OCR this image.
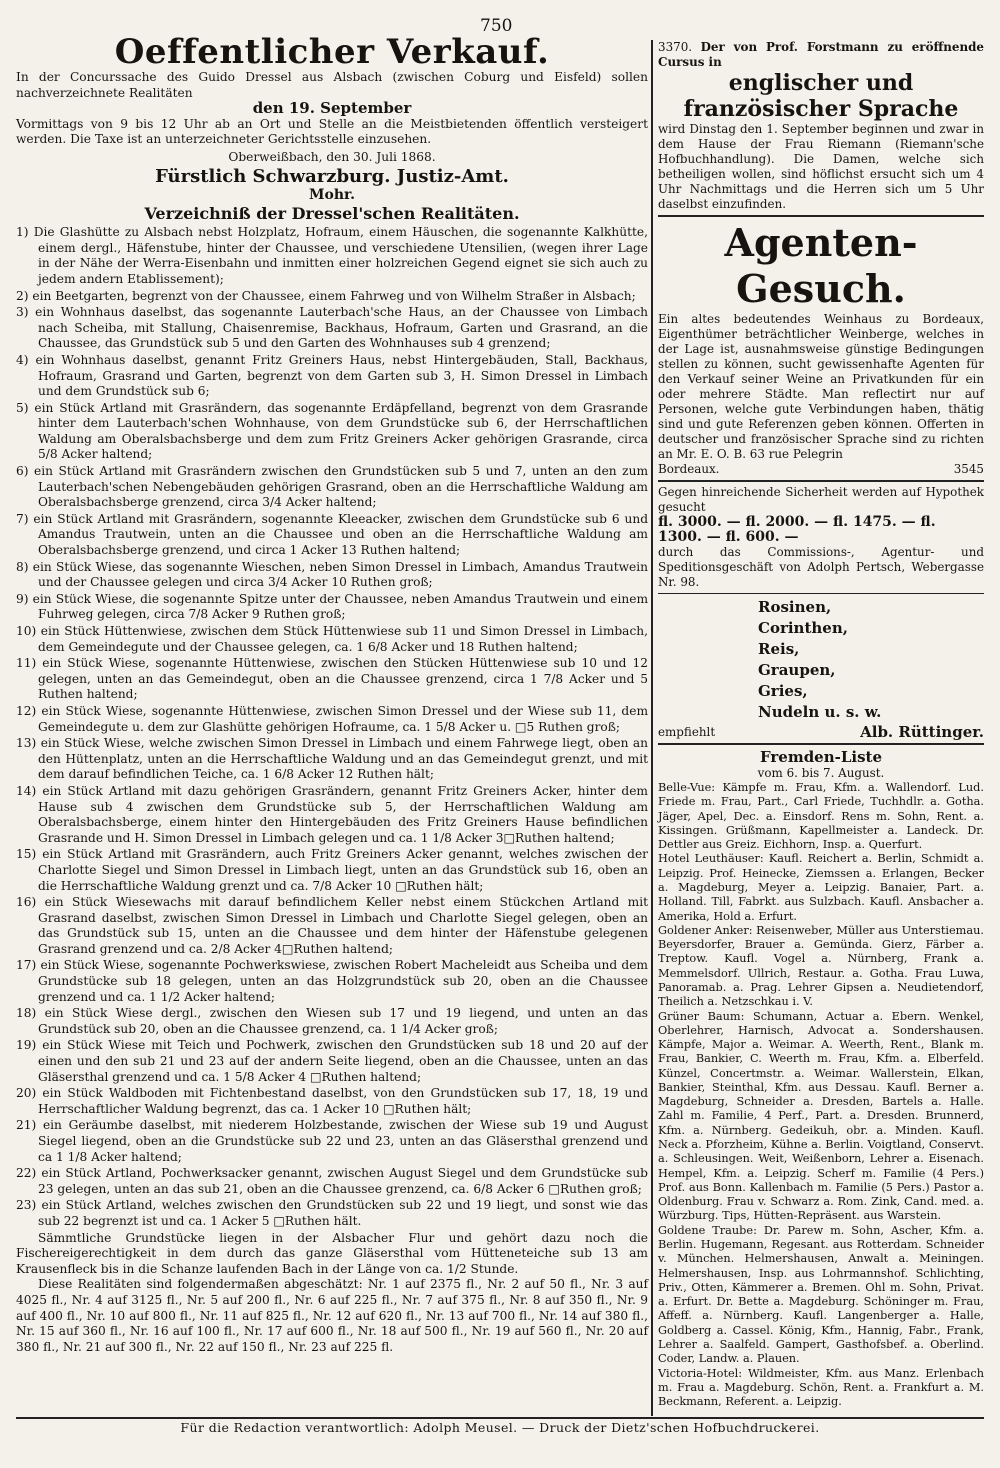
750
Oeffentlicher Verkauf.

In der Concurssache des Guido Dressel aus Alsbach (zwischen Coburg und Eisfeld) sollen nachverzeichnete Realitäten

den 19. September

Vormittags von 9 bis 12 Uhr ab an Ort und Stelle an die Meistbietenden öffentlich versteigert werden. Die Taxe ist an unterzeichneter Gerichtsstelle einzusehen.

Oberweißbach, den 30. Juli 1868.

Fürstlich Schwarzburg. Justiz-Amt.

Mohr.

Verzeichniß der Dressel'schen Realitäten.

1) Die Glashütte zu Alsbach nebst Holzplatz, Hofraum, einem Häuschen, die sogenannte Kalkhütte, einem dergl., Häfenstube, hinter der Chaussee, und verschiedene Utensilien, (wegen ihrer Lage in der Nähe der Werra-Eisenbahn und inmitten einer holzreichen Gegend eignet sie sich auch zu jedem andern Etablissement);

2) ein Beetgarten, begrenzt von der Chaussee, einem Fahrweg und von Wilhelm Straßer in Alsbach;

3) ein Wohnhaus daselbst, das sogenannte Lauterbach'sche Haus, an der Chaussee von Limbach nach Scheiba, mit Stallung, Chaisenremise, Backhaus, Hofraum, Garten und Grasrand, an die Chaussee, das Grundstück sub 5 und den Garten des Wohnhauses sub 4 grenzend;

4) ein Wohnhaus daselbst, genannt Fritz Greiners Haus, nebst Hintergebäuden, Stall, Backhaus, Hofraum, Grasrand und Garten, begrenzt von dem Garten sub 3, H. Simon Dressel in Limbach und dem Grundstück sub 6;

5) ein Stück Artland mit Grasrändern, das sogenannte Erdäpfelland, begrenzt von dem Grasrande hinter dem Lauterbach'schen Wohnhause, von dem Grundstücke sub 6, der Herrschaftlichen Waldung am Oberalsbachsberge und dem zum Fritz Greiners Acker gehörigen Grasrande, circa 5/8 Acker haltend;

6) ein Stück Artland mit Grasrändern zwischen den Grundstücken sub 5 und 7, unten an den zum Lauterbach'schen Nebengebäuden gehörigen Grasrand, oben an die Herrschaftliche Waldung am Oberalsbachsberge grenzend, circa 3/4 Acker haltend;

7) ein Stück Artland mit Grasrändern, sogenannte Kleeacker, zwischen dem Grundstücke sub 6 und Amandus Trautwein, unten an die Chaussee und oben an die Herrschaftliche Waldung am Oberalsbachsberge grenzend, und circa 1 Acker 13 Ruthen haltend;

8) ein Stück Wiese, das sogenannte Wieschen, neben Simon Dressel in Limbach, Amandus Trautwein und der Chaussee gelegen und circa 3/4 Acker 10 Ruthen groß;

9) ein Stück Wiese, die sogenannte Spitze unter der Chaussee, neben Amandus Trautwein und einem Fuhrweg gelegen, circa 7/8 Acker 9 Ruthen groß;

10) ein Stück Hüttenwiese, zwischen dem Stück Hüttenwiese sub 11 und Simon Dressel in Limbach, dem Gemeindegute und der Chaussee gelegen, ca. 1 6/8 Acker und 18 Ruthen haltend;

11) ein Stück Wiese, sogenannte Hüttenwiese, zwischen den Stücken Hüttenwiese sub 10 und 12 gelegen, unten an das Gemeindegut, oben an die Chaussee grenzend, circa 1 7/8 Acker und 5 Ruthen haltend;

12) ein Stück Wiese, sogenannte Hüttenwiese, zwischen Simon Dressel und der Wiese sub 11, dem Gemeindegute u. dem zur Glashütte gehörigen Hofraume, ca. 1 5/8 Acker u. □5 Ruthen groß;

13) ein Stück Wiese, welche zwischen Simon Dressel in Limbach und einem Fahrwege liegt, oben an den Hüttenplatz, unten an die Herrschaftliche Waldung und an das Gemeindegut grenzt, und mit dem darauf befindlichen Teiche, ca. 1 6/8 Acker 12 Ruthen hält;

14) ein Stück Artland mit dazu gehörigen Grasrändern, genannt Fritz Greiners Acker, hinter dem Hause sub 4 zwischen dem Grundstücke sub 5, der Herrschaftlichen Waldung am Oberalsbachsberge, einem hinter den Hintergebäuden des Fritz Greiners Hause befindlichen Grasrande und H. Simon Dressel in Limbach gelegen und ca. 1 1/8 Acker 3□Ruthen haltend;

15) ein Stück Artland mit Grasrändern, auch Fritz Greiners Acker genannt, welches zwischen der Charlotte Siegel und Simon Dressel in Limbach liegt, unten an das Grundstück sub 16, oben an die Herrschaftliche Waldung grenzt und ca. 7/8 Acker 10 □Ruthen hält;

16) ein Stück Wiesewachs mit darauf befindlichem Keller nebst einem Stückchen Artland mit Grasrand daselbst, zwischen Simon Dressel in Limbach und Charlotte Siegel gelegen, oben an das Grundstück sub 15, unten an die Chaussee und dem hinter der Häfenstube gelegenen Grasrand grenzend und ca. 2/8 Acker 4□Ruthen haltend;

17) ein Stück Wiese, sogenannte Pochwerkswiese, zwischen Robert Macheleidt aus Scheiba und dem Grundstücke sub 18 gelegen, unten an das Holzgrundstück sub 20, oben an die Chaussee grenzend und ca. 1 1/2 Acker haltend;

18) ein Stück Wiese dergl., zwischen den Wiesen sub 17 und 19 liegend, und unten an das Grundstück sub 20, oben an die Chaussee grenzend, ca. 1 1/4 Acker groß;

19) ein Stück Wiese mit Teich und Pochwerk, zwischen den Grundstücken sub 18 und 20 auf der einen und den sub 21 und 23 auf der andern Seite liegend, oben an die Chaussee, unten an das Gläsersthal grenzend und ca. 1 5/8 Acker 4 □Ruthen haltend;

20) ein Stück Waldboden mit Fichtenbestand daselbst, von den Grundstücken sub 17, 18, 19 und Herrschaftlicher Waldung begrenzt, das ca. 1 Acker 10 □Ruthen hält;

21) ein Geräumbe daselbst, mit niederem Holzbestande, zwischen der Wiese sub 19 und August Siegel liegend, oben an die Grundstücke sub 22 und 23, unten an das Gläsersthal grenzend und ca 1 1/8 Acker haltend;

22) ein Stück Artland, Pochwerksacker genannt, zwischen August Siegel und dem Grundstücke sub 23 gelegen, unten an das sub 21, oben an die Chaussee grenzend, ca. 6/8 Acker 6 □Ruthen groß;

23) ein Stück Artland, welches zwischen den Grundstücken sub 22 und 19 liegt, und sonst wie das sub 22 begrenzt ist und ca. 1 Acker 5 □Ruthen hält.

Sämmtliche Grundstücke liegen in der Alsbacher Flur und gehört dazu noch die Fischereigerechtigkeit in dem durch das ganze Gläsersthal vom Hütteneteiche sub 13 am Krausenfleck bis in die Schanze laufenden Bach in der Länge von ca. 1/2 Stunde.

Diese Realitäten sind folgendermaßen abgeschätzt: Nr. 1 auf 2375 fl., Nr. 2 auf 50 fl., Nr. 3 auf 4025 fl., Nr. 4 auf 3125 fl., Nr. 5 auf 200 fl., Nr. 6 auf 225 fl., Nr. 7 auf 375 fl., Nr. 8 auf 350 fl., Nr. 9 auf 400 fl., Nr. 10 auf 800 fl., Nr. 11 auf 825 fl., Nr. 12 auf 620 fl., Nr. 13 auf 700 fl., Nr. 14 auf 380 fl., Nr. 15 auf 360 fl., Nr. 16 auf 100 fl., Nr. 17 auf 600 fl., Nr. 18 auf 500 fl., Nr. 19 auf 560 fl., Nr. 20 auf 380 fl., Nr. 21 auf 300 fl., Nr. 22 auf 150 fl., Nr. 23 auf 225 fl.

3370. Der von Prof. Forstmann zu eröffnende Cursus in

englischer und französischer Sprache

wird Dinstag den 1. September beginnen und zwar in dem Hause der Frau Riemann (Riemann'sche Hofbuchhandlung). Die Damen, welche sich betheiligen wollen, sind höflichst ersucht sich um 4 Uhr Nachmittags und die Herren sich um 5 Uhr daselbst einzufinden.

Agenten-Gesuch.

Ein altes bedeutendes Weinhaus zu Bordeaux, Eigenthümer beträchtlicher Weinberge, welches in der Lage ist, ausnahmsweise günstige Bedingungen stellen zu können, sucht gewissenhafte Agenten für den Verkauf seiner Weine an Privatkunden für ein oder mehrere Städte. Man reflectirt nur auf Personen, welche gute Verbindungen haben, thätig sind und gute Referenzen geben können. Offerten in deutscher und französischer Sprache sind zu richten an Mr. E. O. B. 63 rue Pelegrin

Bordeaux.	3545

Gegen hinreichende Sicherheit werden auf Hypothek gesucht

fl. 3000. — fl. 2000. — fl. 1475. — fl. 1300. — fl. 600. —

durch das Commissions-, Agentur- und Speditionsgeschäft von Adolph Pertsch, Webergasse Nr. 98.

Rosinen,
Corinthen,
Reis,
Graupen,
Gries,
Nudeln u. s. w.

empfiehlt	Alb. Rüttinger.

Fremden-Liste

vom 6. bis 7. August.

Belle-Vue: Kämpfe m. Frau, Kfm. a. Wallendorf. Lud. Friede m. Frau, Part., Carl Friede, Tuchhdlr. a. Gotha. Jäger, Apel, Dec. a. Einsdorf. Rens m. Sohn, Rent. a. Kissingen. Grüßmann, Kapellmeister a. Landeck. Dr. Dettler aus Greiz. Eichhorn, Insp. a. Querfurt.

Hotel Leuthäuser: Kaufl. Reichert a. Berlin, Schmidt a. Leipzig. Prof. Heinecke, Ziemssen a. Erlangen, Becker a. Magdeburg, Meyer a. Leipzig. Banaier, Part. a. Holland. Till, Fabrkt. aus Sulzbach. Kaufl. Ansbacher a. Amerika, Hold a. Erfurt.

Goldener Anker: Reisenweber, Müller aus Unterstiemau. Beyersdorfer, Brauer a. Gemünda. Gierz, Färber a. Treptow. Kaufl. Vogel a. Nürnberg, Frank a. Memmelsdorf. Ullrich, Restaur. a. Gotha. Frau Luwa, Panoramab. a. Prag. Lehrer Gipsen a. Neudietendorf, Theilich a. Netzschkau i. V.

Grüner Baum: Schumann, Actuar a. Ebern. Wenkel, Oberlehrer, Harnisch, Advocat a. Sondershausen. Kämpfe, Major a. Weimar. A. Weerth, Rent., Blank m. Frau, Bankier, C. Weerth m. Frau, Kfm. a. Elberfeld. Künzel, Concertmstr. a. Weimar. Wallerstein, Elkan, Bankier, Steinthal, Kfm. aus Dessau. Kaufl. Berner a. Magdeburg, Schneider a. Dresden, Bartels a. Halle. Zahl m. Familie, 4 Perf., Part. a. Dresden. Brunnerd, Kfm. a. Nürnberg. Gedeikuh, obr. a. Minden. Kaufl. Neck a. Pforzheim, Kühne a. Berlin. Voigtland, Conservt. a. Schleusingen. Weit, Weißenborn, Lehrer a. Eisenach. Hempel, Kfm. a. Leipzig. Scherf m. Familie (4 Pers.) Prof. aus Bonn. Kallenbach m. Familie (5 Pers.) Pastor a. Oldenburg. Frau v. Schwarz a. Rom. Zink, Cand. med. a. Würzburg. Tips, Hütten-Repräsent. aus Warstein.

Goldene Traube: Dr. Parew m. Sohn, Ascher, Kfm. a. Berlin. Hugemann, Regesant. aus Rotterdam. Schneider v. München. Helmershausen, Anwalt a. Meiningen. Helmershausen, Insp. aus Lohrmannshof. Schlichting, Priv., Otten, Kämmerer a. Bremen. Ohl m. Sohn, Privat. a. Erfurt. Dr. Bette a. Magdeburg. Schöninger m. Frau, Affeff. a. Nürnberg. Kaufl. Langenberger a. Halle, Goldberg a. Cassel. König, Kfm., Hannig, Fabr., Frank, Lehrer a. Saalfeld. Gampert, Gasthofsbef. a. Oberlind. Coder, Landw. a. Plauen.

Victoria-Hotel: Wildmeister, Kfm. aus Manz. Erlenbach m. Frau a. Magdeburg. Schön, Rent. a. Frankfurt a. M. Beckmann, Referent. a. Leipzig.

Für die Redaction verantwortlich: Adolph Meusel. — Druck der Dietz'schen Hofbuchdruckerei.
